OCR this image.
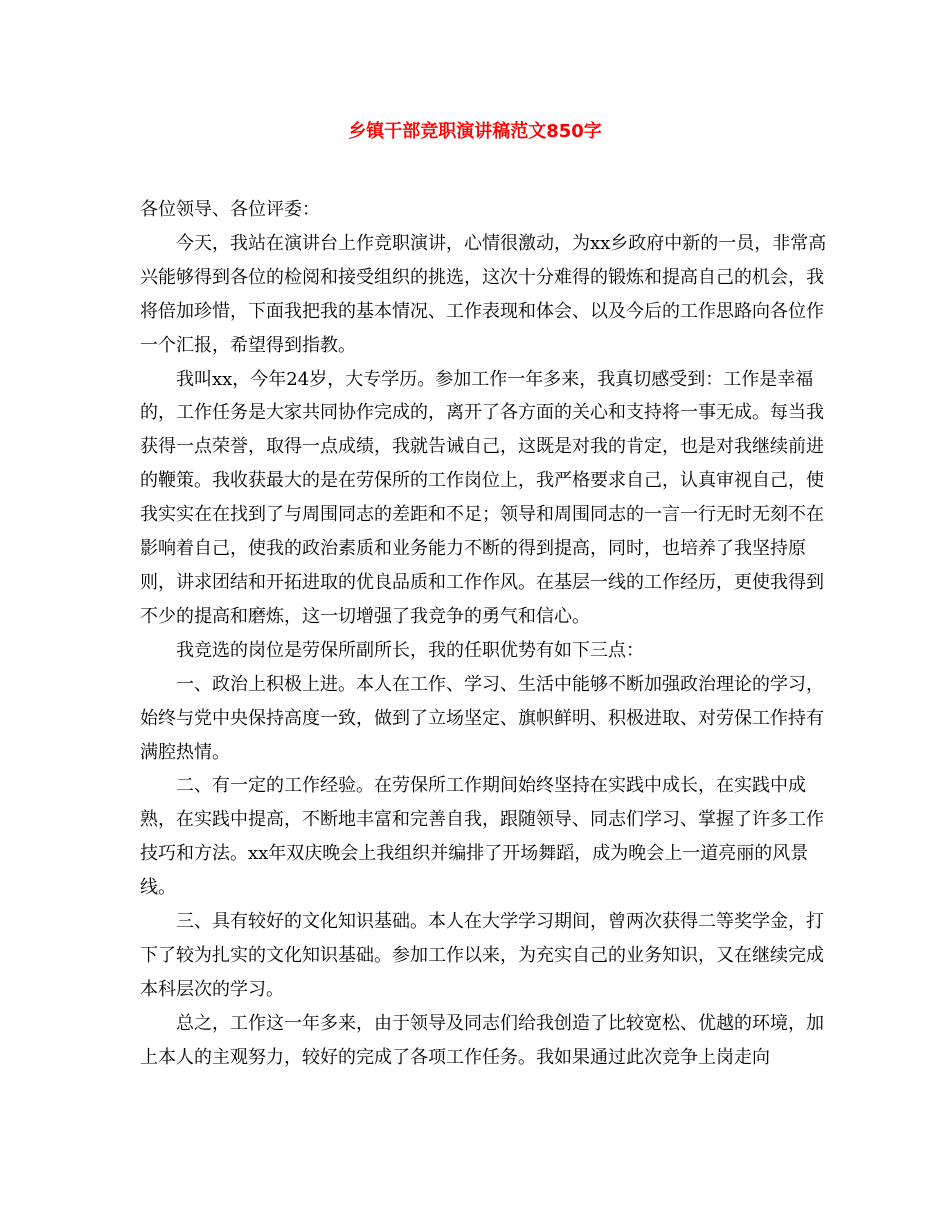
乡镇干部竞职演讲稿范文850字

各位领导、各位评委：

今天，我站在演讲台上作竞职演讲，心情很激动，为xx乡政府中新的一员，非常高兴能够得到各位的检阅和接受组织的挑选，这次十分难得的锻炼和提高自己的机会，我将倍加珍惜，下面我把我的基本情况、工作表现和体会、以及今后的工作思路向各位作一个汇报，希望得到指教。

我叫xx，今年24岁，大专学历。参加工作一年多来，我真切感受到：工作是幸福的，工作任务是大家共同协作完成的，离开了各方面的关心和支持将一事无成。每当我获得一点荣誉，取得一点成绩，我就告诫自己，这既是对我的肯定，也是对我继续前进的鞭策。我收获最大的是在劳保所的工作岗位上，我严格要求自己，认真审视自己，使我实实在在找到了与周围同志的差距和不足；领导和周围同志的一言一行无时无刻不在影响着自己，使我的政治素质和业务能力不断的得到提高，同时，也培养了我坚持原则，讲求团结和开拓进取的优良品质和工作作风。在基层一线的工作经历，更使我得到不少的提高和磨炼，这一切增强了我竞争的勇气和信心。

我竞选的岗位是劳保所副所长，我的任职优势有如下三点：

一、政治上积极上进。本人在工作、学习、生活中能够不断加强政治理论的学习，始终与党中央保持高度一致，做到了立场坚定、旗帜鲜明、积极进取、对劳保工作持有满腔热情。

二、有一定的工作经验。在劳保所工作期间始终坚持在实践中成长，在实践中成熟，在实践中提高，不断地丰富和完善自我，跟随领导、同志们学习、掌握了许多工作技巧和方法。xx年双庆晚会上我组织并编排了开场舞蹈，成为晚会上一道亮丽的风景线。

三、具有较好的文化知识基础。本人在大学学习期间，曾两次获得二等奖学金，打下了较为扎实的文化知识基础。参加工作以来，为充实自己的业务知识，又在继续完成本科层次的学习。

总之，工作这一年多来，由于领导及同志们给我创造了比较宽松、优越的环境，加上本人的主观努力，较好的完成了各项工作任务。我如果通过此次竞争上岗走向
